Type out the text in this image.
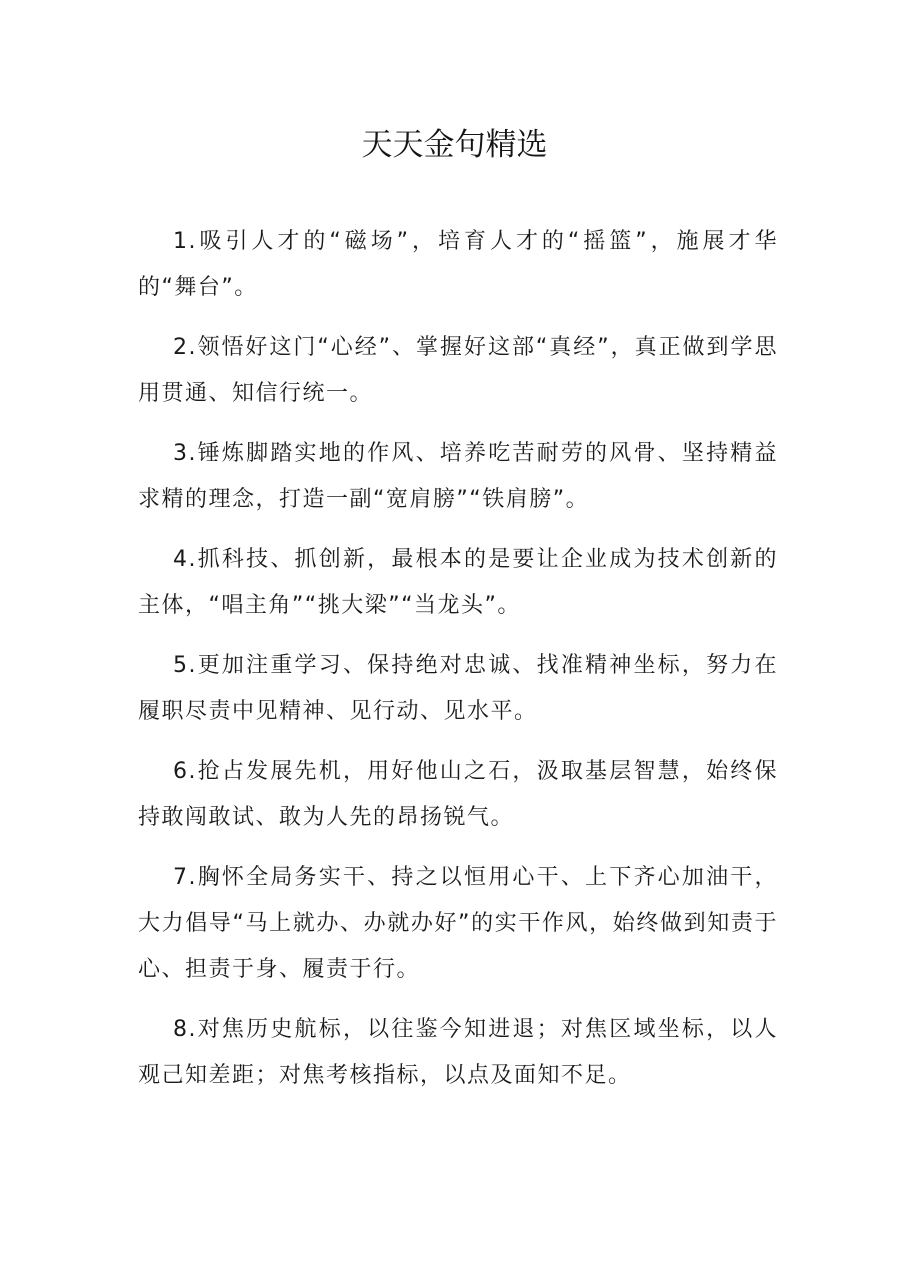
天天金句精选

1.吸引人才的“磁场”，培育人才的“摇篮”，施展才华的“舞台”。

2.领悟好这门“心经”、掌握好这部“真经”，真正做到学思用贯通、知信行统一。

3.锤炼脚踏实地的作风、培养吃苦耐劳的风骨、坚持精益求精的理念，打造一副“宽肩膀”“铁肩膀”。

4.抓科技、抓创新，最根本的是要让企业成为技术创新的主体，“唱主角”“挑大梁”“当龙头”。

5.更加注重学习、保持绝对忠诚、找准精神坐标，努力在履职尽责中见精神、见行动、见水平。

6.抢占发展先机，用好他山之石，汲取基层智慧，始终保持敢闯敢试、敢为人先的昂扬锐气。

7.胸怀全局务实干、持之以恒用心干、上下齐心加油干，大力倡导“马上就办、办就办好”的实干作风，始终做到知责于心、担责于身、履责于行。

8.对焦历史航标，以往鉴今知进退；对焦区域坐标，以人观己知差距；对焦考核指标，以点及面知不足。
